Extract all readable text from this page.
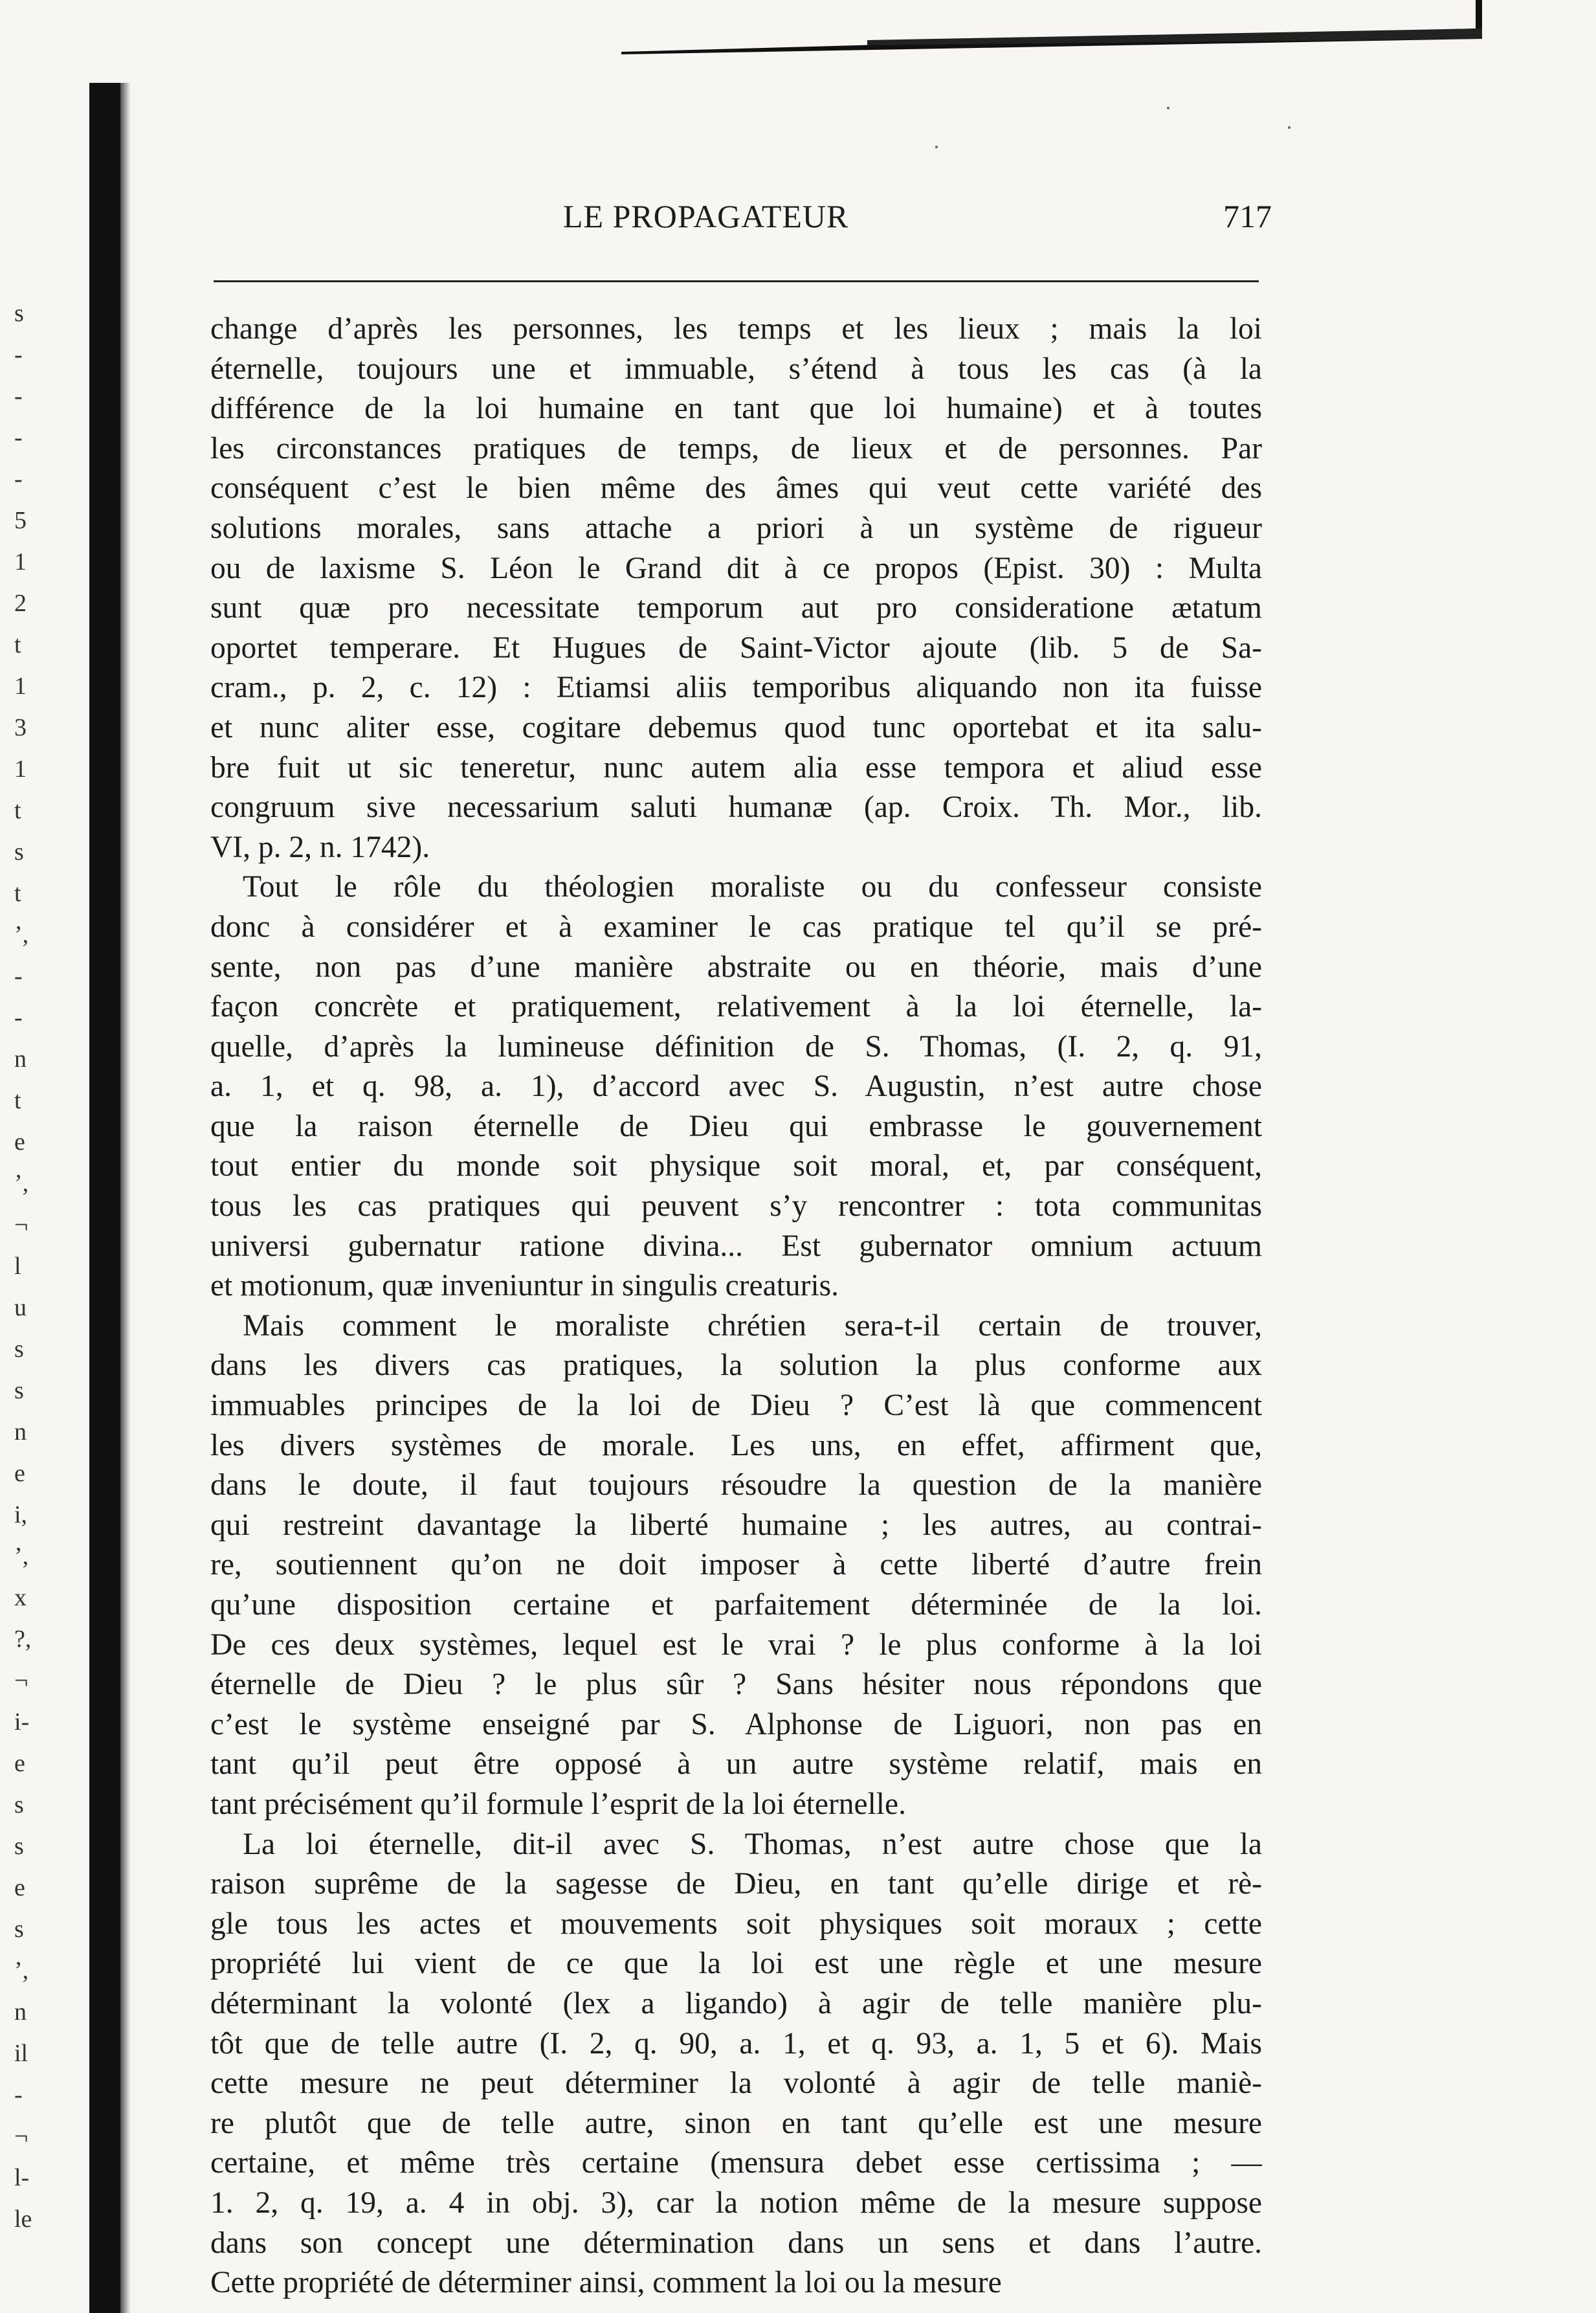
s
-
-
-
-
5
1
2
t
1
3
1
t
s
t
’,
-
-
n
t
e
’,
¬
l
u
s
s
n
e
i,
’,
x
?,
¬
i-
e
s
s
e
s
’,
n
il
-
¬
l-
le
LE PROPAGATEUR	717
change d’après les personnes, les temps et les lieux ; mais la loi
éternelle, toujours une et immuable, s’étend à tous les cas (à la
différence de la loi humaine en tant que loi humaine) et à toutes
les circonstances pratiques de temps, de lieux et de personnes. Par
conséquent c’est le bien même des âmes qui veut cette variété des
solutions morales, sans attache a priori à un système de rigueur
ou de laxisme S. Léon le Grand dit à ce propos (Epist. 30) : Multa
sunt quæ pro necessitate temporum aut pro consideratione ætatum
oportet temperare. Et Hugues de Saint-Victor ajoute (lib. 5 de Sa-
cram., p. 2, c. 12) : Etiamsi aliis temporibus aliquando non ita fuisse
et nunc aliter esse, cogitare debemus quod tunc oportebat et ita salu-
bre fuit ut sic teneretur, nunc autem alia esse tempora et aliud esse
congruum sive necessarium saluti humanæ (ap. Croix. Th. Mor., lib.
VI, p. 2, n. 1742).
Tout le rôle du théologien moraliste ou du confesseur consiste
donc à considérer et à examiner le cas pratique tel qu’il se pré-
sente, non pas d’une manière abstraite ou en théorie, mais d’une
façon concrète et pratiquement, relativement à la loi éternelle, la-
quelle, d’après la lumineuse définition de S. Thomas, (I. 2, q. 91,
a. 1, et q. 98, a. 1), d’accord avec S. Augustin, n’est autre chose
que la raison éternelle de Dieu qui embrasse le gouvernement
tout entier du monde soit physique soit moral, et, par conséquent,
tous les cas pratiques qui peuvent s’y rencontrer : tota communitas
universi gubernatur ratione divina... Est gubernator omnium actuum
et motionum, quæ inveniuntur in singulis creaturis.
Mais comment le moraliste chrétien sera-t-il certain de trouver,
dans les divers cas pratiques, la solution la plus conforme aux
immuables principes de la loi de Dieu ? C’est là que commencent
les divers systèmes de morale. Les uns, en effet, affirment que,
dans le doute, il faut toujours résoudre la question de la manière
qui restreint davantage la liberté humaine ; les autres, au contrai-
re, soutiennent qu’on ne doit imposer à cette liberté d’autre frein
qu’une disposition certaine et parfaitement déterminée de la loi.
De ces deux systèmes, lequel est le vrai ? le plus conforme à la loi
éternelle de Dieu ? le plus sûr ? Sans hésiter nous répondons que
c’est le système enseigné par S. Alphonse de Liguori, non pas en
tant qu’il peut être opposé à un autre système relatif, mais en
tant précisément qu’il formule l’esprit de la loi éternelle.
La loi éternelle, dit-il avec S. Thomas, n’est autre chose que la
raison suprême de la sagesse de Dieu, en tant qu’elle dirige et rè-
gle tous les actes et mouvements soit physiques soit moraux ; cette
propriété lui vient de ce que la loi est une règle et une mesure
déterminant la volonté (lex a ligando) à agir de telle manière plu-
tôt que de telle autre (I. 2, q. 90, a. 1, et q. 93, a. 1, 5 et 6). Mais
cette mesure ne peut déterminer la volonté à agir de telle maniè-
re plutôt que de telle autre, sinon en tant qu’elle est une mesure
certaine, et même très certaine (mensura debet esse certissima ; —
1. 2, q. 19, a. 4 in obj. 3), car la notion même de la mesure suppose
dans son concept une détermination dans un sens et dans l’autre.
Cette propriété de déterminer ainsi, comment la loi ou la mesure
